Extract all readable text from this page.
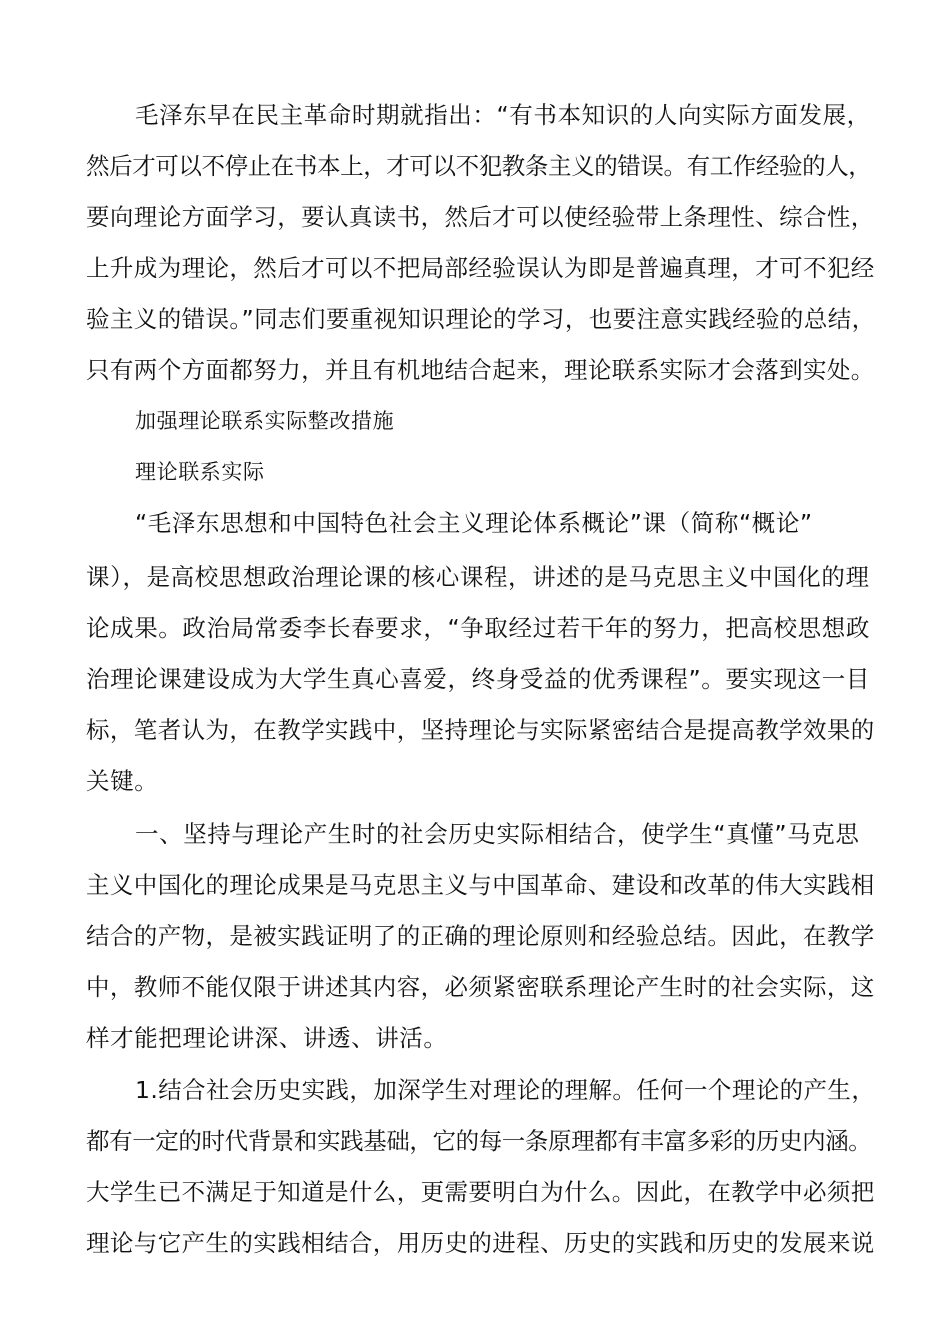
毛泽东早在民主革命时期就指出：“有书本知识的人向实际方面发展，
然后才可以不停止在书本上，才可以不犯教条主义的错误。有工作经验的人，
要向理论方面学习，要认真读书，然后才可以使经验带上条理性、综合性，
上升成为理论，然后才可以不把局部经验误认为即是普遍真理，才可不犯经
验主义的错误。”同志们要重视知识理论的学习，也要注意实践经验的总结，
只有两个方面都努力，并且有机地结合起来，理论联系实际才会落到实处。
加强理论联系实际整改措施
理论联系实际
“毛泽东思想和中国特色社会主义理论体系概论”课（简称“概论”
课），是高校思想政治理论课的核心课程，讲述的是马克思主义中国化的理
论成果。政治局常委李长春要求，“争取经过若干年的努力，把高校思想政
治理论课建设成为大学生真心喜爱，终身受益的优秀课程”。要实现这一目
标，笔者认为，在教学实践中，坚持理论与实际紧密结合是提高教学效果的
关键。
一、坚持与理论产生时的社会历史实际相结合，使学生“真懂”马克思
主义中国化的理论成果是马克思主义与中国革命、建设和改革的伟大实践相
结合的产物，是被实践证明了的正确的理论原则和经验总结。因此，在教学
中，教师不能仅限于讲述其内容，必须紧密联系理论产生时的社会实际，这
样才能把理论讲深、讲透、讲活。
1.结合社会历史实践，加深学生对理论的理解。任何一个理论的产生，
都有一定的时代背景和实践基础，它的每一条原理都有丰富多彩的历史内涵。
大学生已不满足于知道是什么，更需要明白为什么。因此，在教学中必须把
理论与它产生的实践相结合，用历史的进程、历史的实践和历史的发展来说
